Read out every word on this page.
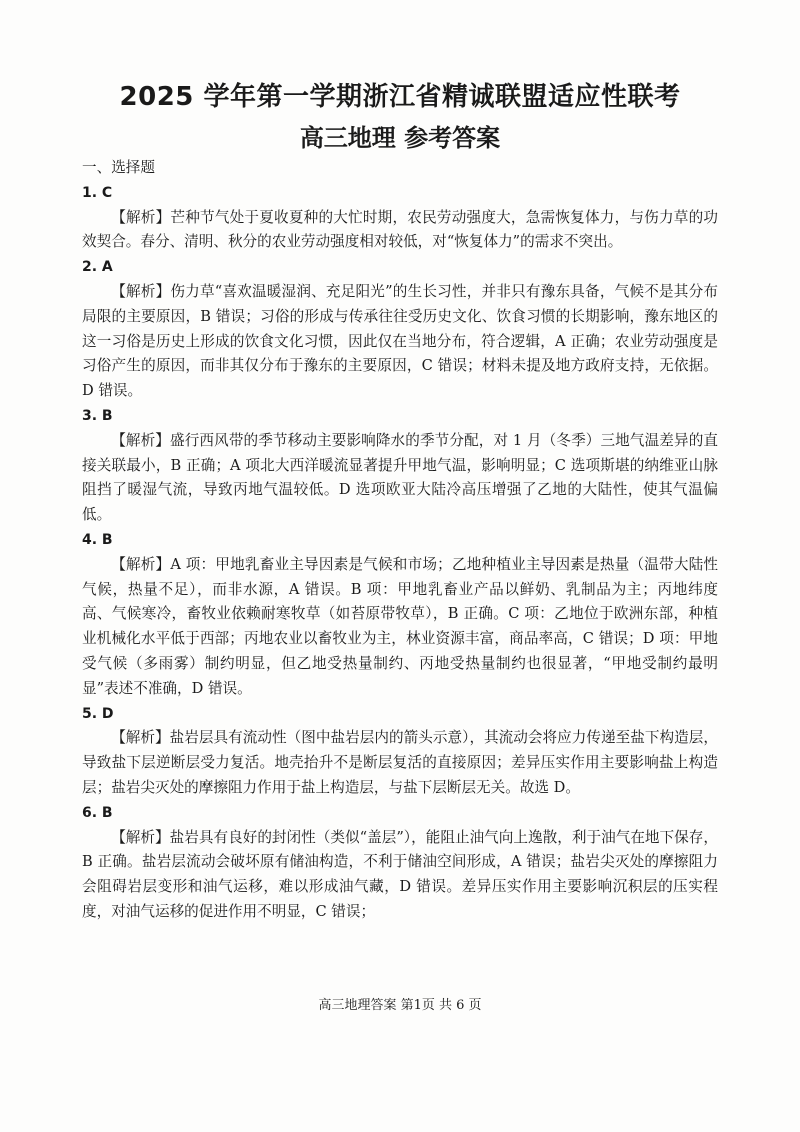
2025 学年第一学期浙江省精诚联盟适应性联考
高三地理 参考答案

一、选择题

1. C

【解析】芒种节气处于夏收夏种的大忙时期，农民劳动强度大，急需恢复体力，与伤力草的功效契合。春分、清明、秋分的农业劳动强度相对较低，对“恢复体力”的需求不突出。

2. A

【解析】伤力草“喜欢温暖湿润、充足阳光”的生长习性，并非只有豫东具备，气候不是其分布局限的主要原因，B 错误；习俗的形成与传承往往受历史文化、饮食习惯的长期影响，豫东地区的这一习俗是历史上形成的饮食文化习惯，因此仅在当地分布，符合逻辑，A 正确；农业劳动强度是习俗产生的原因，而非其仅分布于豫东的主要原因，C 错误；材料未提及地方政府支持，无依据。D 错误。

3. B

【解析】盛行西风带的季节移动主要影响降水的季节分配，对 1 月（冬季）三地气温差异的直接关联最小，B 正确；A 项北大西洋暖流显著提升甲地气温，影响明显；C 选项斯堪的纳维亚山脉阻挡了暖湿气流，导致丙地气温较低。D 选项欧亚大陆冷高压增强了乙地的大陆性，使其气温偏低。

4. B

【解析】A 项：甲地乳畜业主导因素是气候和市场；乙地种植业主导因素是热量（温带大陆性气候，热量不足），而非水源，A 错误。B 项：甲地乳畜业产品以鲜奶、乳制品为主；丙地纬度高、气候寒冷，畜牧业依赖耐寒牧草（如苔原带牧草），B 正确。C 项：乙地位于欧洲东部，种植业机械化水平低于西部；丙地农业以畜牧业为主，林业资源丰富，商品率高，C 错误；D 项：甲地受气候（多雨雾）制约明显，但乙地受热量制约、丙地受热量制约也很显著，“甲地受制约最明显”表述不准确，D 错误。

5. D

【解析】盐岩层具有流动性（图中盐岩层内的箭头示意），其流动会将应力传递至盐下构造层，导致盐下层逆断层受力复活。地壳抬升不是断层复活的直接原因；差异压实作用主要影响盐上构造层；盐岩尖灭处的摩擦阻力作用于盐上构造层，与盐下层断层无关。故选 D。

6. B

【解析】盐岩具有良好的封闭性（类似“盖层”），能阻止油气向上逸散，利于油气在地下保存，B 正确。盐岩层流动会破坏原有储油构造，不利于储油空间形成，A 错误；盐岩尖灭处的摩擦阻力会阻碍岩层变形和油气运移，难以形成油气藏，D 错误。差异压实作用主要影响沉积层的压实程度，对油气运移的促进作用不明显，C 错误；

高三地理答案 第1页 共 6 页
